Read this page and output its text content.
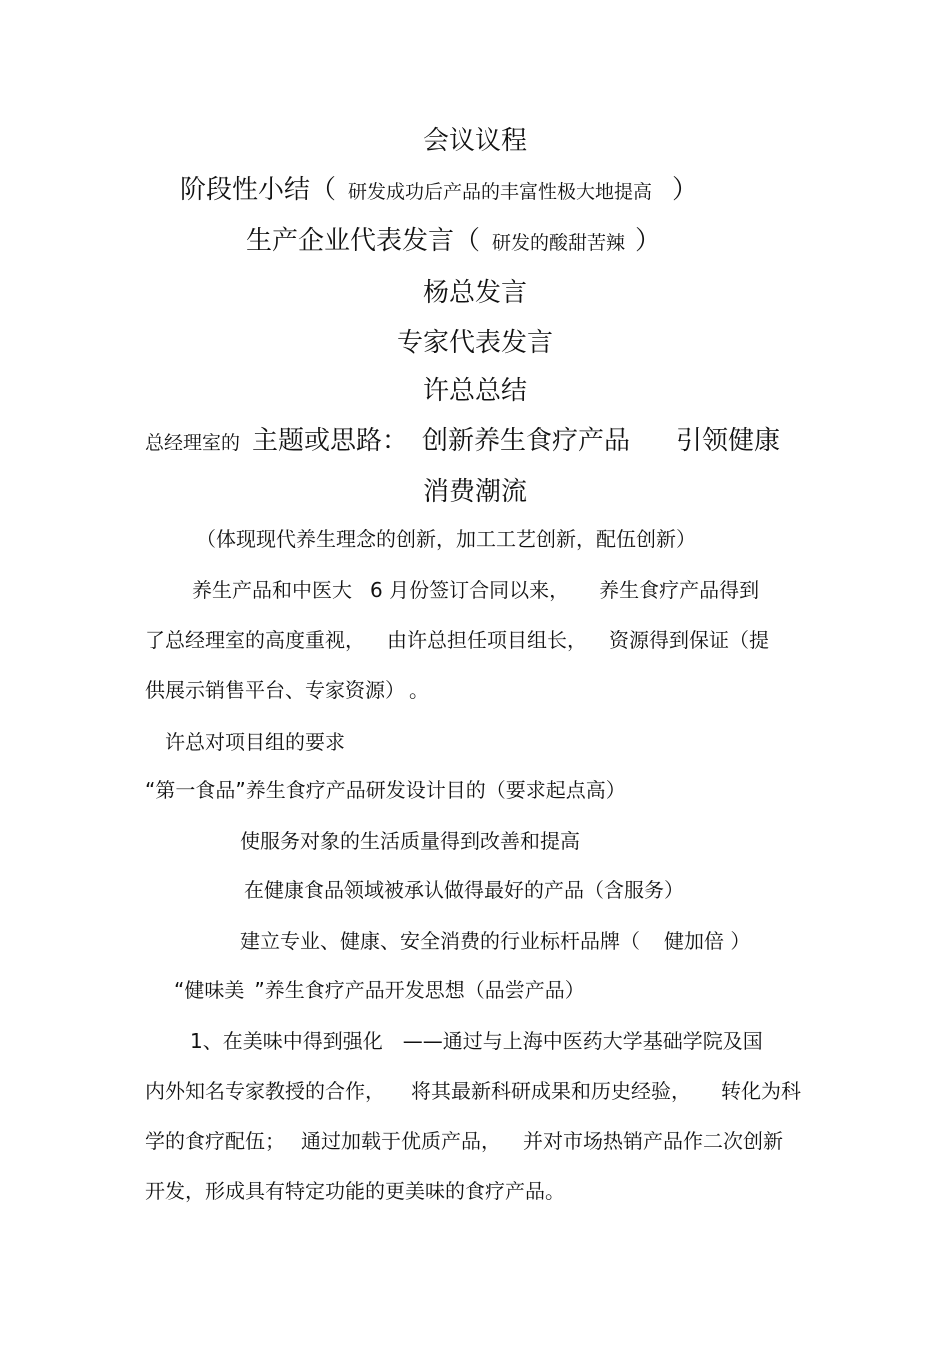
会议议程
阶段性小结（ 研发成功后产品的丰富性极大地提高 ）
生产企业代表发言（ 研发的酸甜苦辣 ）
杨总发言
专家代表发言
许总总结
总经理室的 主题或思路： 创新养生食疗产品 引领健康
消费潮流
（体现现代养生理念的创新，加工工艺创新，配伍创新）
养生产品和中医大 6 月份签订合同以来， 养生食疗产品得到
了总经理室的高度重视， 由许总担任项目组长， 资源得到保证（提
供展示销售平台、专家资源） 。
许总对项目组的要求
“第一食品”养生食疗产品研发设计目的（要求起点高）
使服务对象的生活质量得到改善和提高
在健康食品领域被承认做得最好的产品（含服务）
建立专业、健康、安全消费的行业标杆品牌（ 健加倍 ）
“健味美 ”养生食疗产品开发思想（品尝产品）
1、在美味中得到强化 ——通过与上海中医药大学基础学院及国
内外知名专家教授的合作， 将其最新科研成果和历史经验， 转化为科
学的食疗配伍； 通过加载于优质产品， 并对市场热销产品作二次创新
开发，形成具有特定功能的更美味的食疗产品。
